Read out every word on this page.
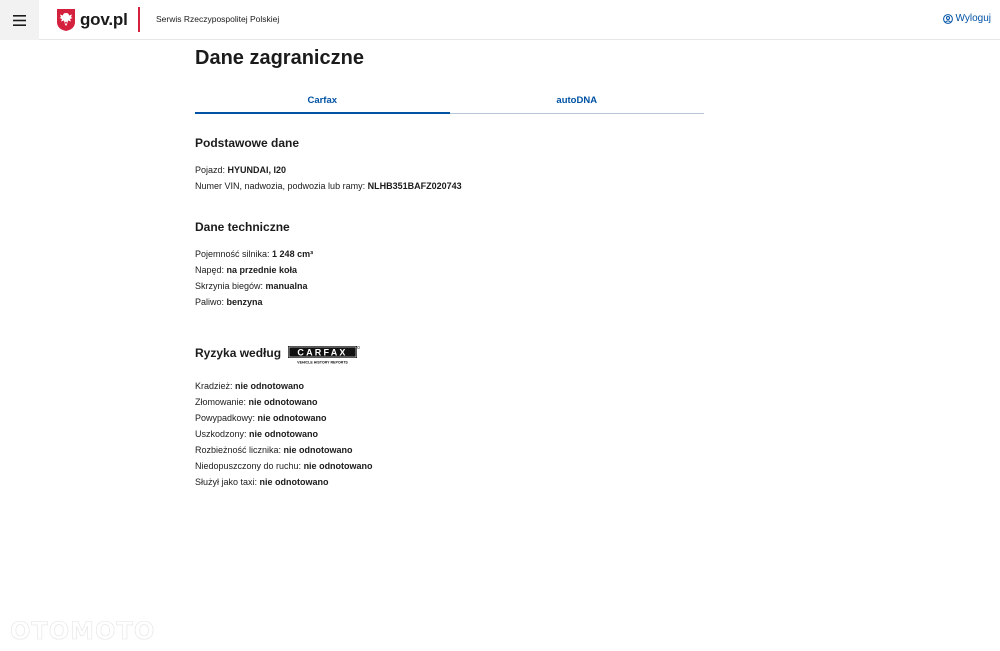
gov.pl	Serwis Rzeczypospolitej Polskiej	Wyloguj
Dane zagraniczne
Carfax	autoDNA
Podstawowe dane
Pojazd: HYUNDAI, I20
Numer VIN, nadwozia, podwozia lub ramy: NLHB351BAFZ020743
Dane techniczne
Pojemność silnika: 1 248 cm³
Napęd: na przednie koła
Skrzynia biegów: manualna
Paliwo: benzyna
Ryzyka według CARFAX
VEHICLE HISTORY REPORTS
Kradzież: nie odnotowano
Złomowanie: nie odnotowano
Powypadkowy: nie odnotowano
Uszkodzony: nie odnotowano
Rozbieżność licznika: nie odnotowano
Niedopuszczony do ruchu: nie odnotowano
Służył jako taxi: nie odnotowano
OTOMOTO
